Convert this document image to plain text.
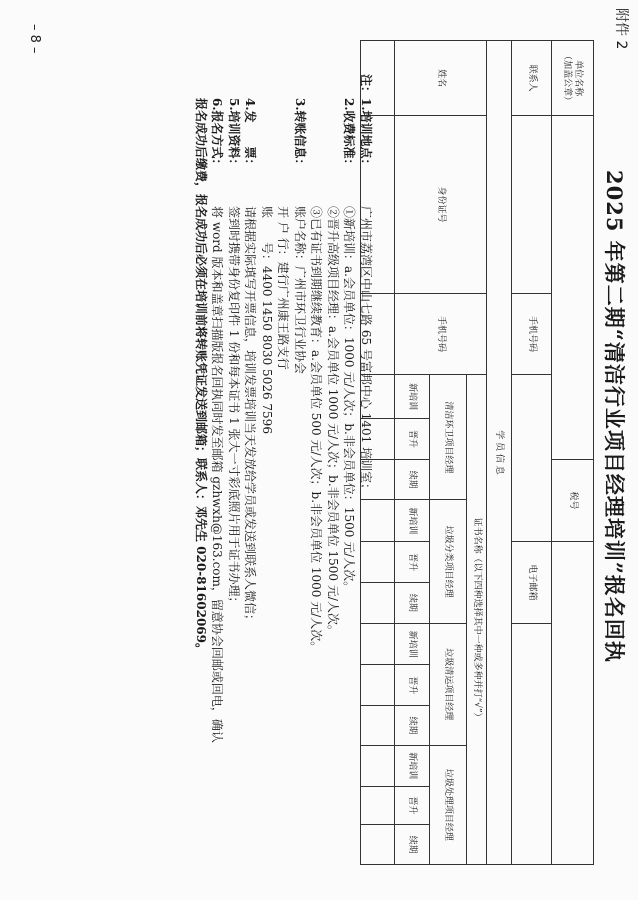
附件 2
2025 年第二期“清洁行业项目经理培训”报名回执
– 8 –
单位名称
（加盖公章）					税号									
联系人		手机号码					电子邮箱							
学 员 信 息														
姓名	身份证号	手机号码	证书名称（以下四种选择其中一种或多种并打“√”）											
			清洁环卫项目经理			垃圾分类项目经理			垃圾清运项目经理			垃圾处理项目经理		
			新培训	晋升	续期	新培训	晋升	续期	新培训	晋升	续期	新培训	晋升	续期

注：1.培训地点：广州市荔湾区中山七路 65 号富邦中心 1401 培训室；
2.收费标准：①新培训：a.会员单位：1000 元/人次；b.非会员单位：1500 元/人次。
②晋升高级项目经理：a.会员单位 1000 元/人次；b.非会员单位 1500 元/人次。
③已有证书到期继续教育：a.会员单位 500 元/人次；b.非会员单位 1000 元/人次。
3.转账信息：账户名称：广州市环卫行业协会
开 户 行：建行广州康王路支行
账　　号：4400 1450 8030 5026 7596
4.发　　票：请根据实际填写开票信息，培训发票培训当天发放给学员或发送到联系人微信；
5.培训资料：签到时携带身份复印件 1 份和每本证书 1 张大一寸彩底照片用于证书办理；
6.报名方式：将 word 版本和盖章扫描版报名回执同时发至邮箱 gzhwxh@163.com，留意协会回邮或回电，确认
报名成功后缴费，报名成功后必须在培训前将转账凭证发送到邮箱；联系人：邓先生 020-81602069。
